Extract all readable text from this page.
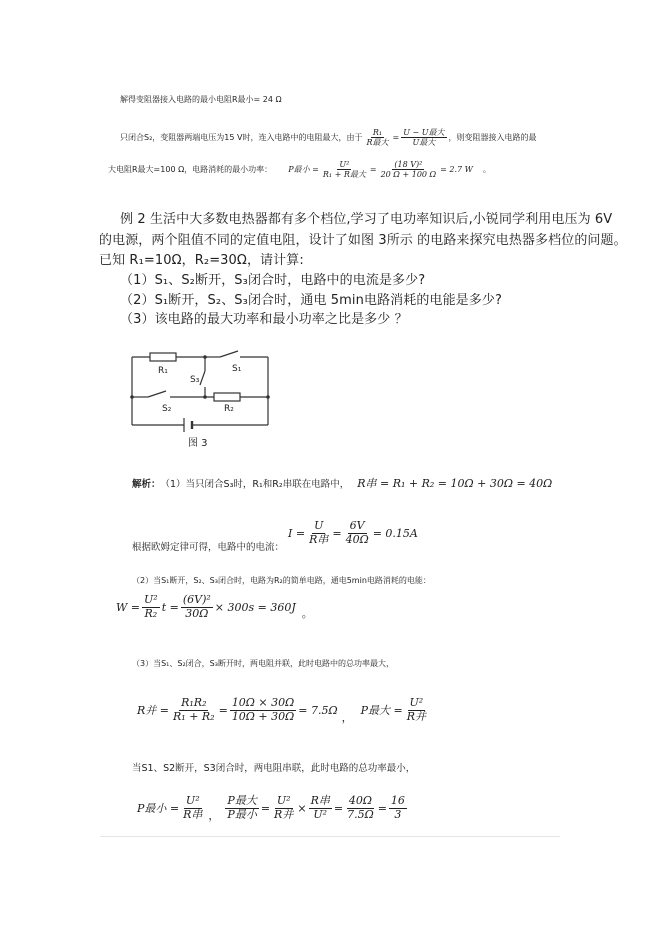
解得变阻器接入电路的最小电阻R最小= 24 Ω
只闭合S₂，变阻器两端电压为15 V时，连入电路中的电阻最大，由于 $\frac{\text{R₁}}{\text{R最大}} = \frac{\text{U − U最大}}{\text{U最大}}$ ，则变阻器接入电路的最
大电阻R最大=100 Ω，电路消耗的最小功率： P最小 = $\frac{\text{U²}}{\text{R₁ + R最大}} = \frac{\text{(18 V)²}}{20 \Omega + 100 \Omega} = 2.7$ W 。
例 2 生活中大多数电热器都有多个档位,学习了电功率知识后,小锐同学利用电压为 6V
的电源，两个阻值不同的定值电阻，设计了如图 3所示 的电路来探究电热器多档位的问题。
已知 R₁=10Ω，R₂=30Ω，请计算:
（1）S₁、S₂断开，S₃闭合时，电路中的电流是多少?
（2）S₁断开，S₂、S₃闭合时，通电 5min电路消耗的电能是多少?
（3）该电路的最大功率和最小功率之比是多少 ？
R₁	S₁
S₃
S₂	R₂
图 3
解析： （1）当只闭合S₃时，R₁和R₂串联在电路中， R串 = R₁ + R₂ = 10Ω + 30Ω = 40Ω
根据欧姆定律可得，电路中的电流：
$I = \frac{U}{\text{R串}} = \frac{6V}{40\Omega} = 0.15A$
（2）当S₁断开，S₂、S₃闭合时，电路为R₂的简单电路，通电5min电路消耗的电能：
$W = \frac{\text{U²}}{\text{R₂}}$ $t = \frac{\text{(6V)²}}{30\Omega} \times 300s = 360J$ 。
（3）当S₁、S₂闭合，S₃断开时，两电阻并联，此时电路中的总功率最大，
R并 = $\frac{\text{R₁R₂}}{\text{R₁ + R₂}} = \frac{10\Omega \times 30\Omega}{10\Omega + 30\Omega} = 7.5\Omega$
，
P最大 = $\frac{\text{U²}}{\text{R并}}$
当S1、S2断开，S3闭合时，两电阻串联，此时电路的总功率最小，
P最小 = $\frac{\text{U²}}{\text{R串}}$ ， $\frac{\text{P最大}}{\text{P最小}} = \frac{\text{U²}}{\text{R并}} \times \frac{\text{R串}}{\text{U²}} = \frac{40\Omega}{7.5\Omega} = \frac{16}{3}$
